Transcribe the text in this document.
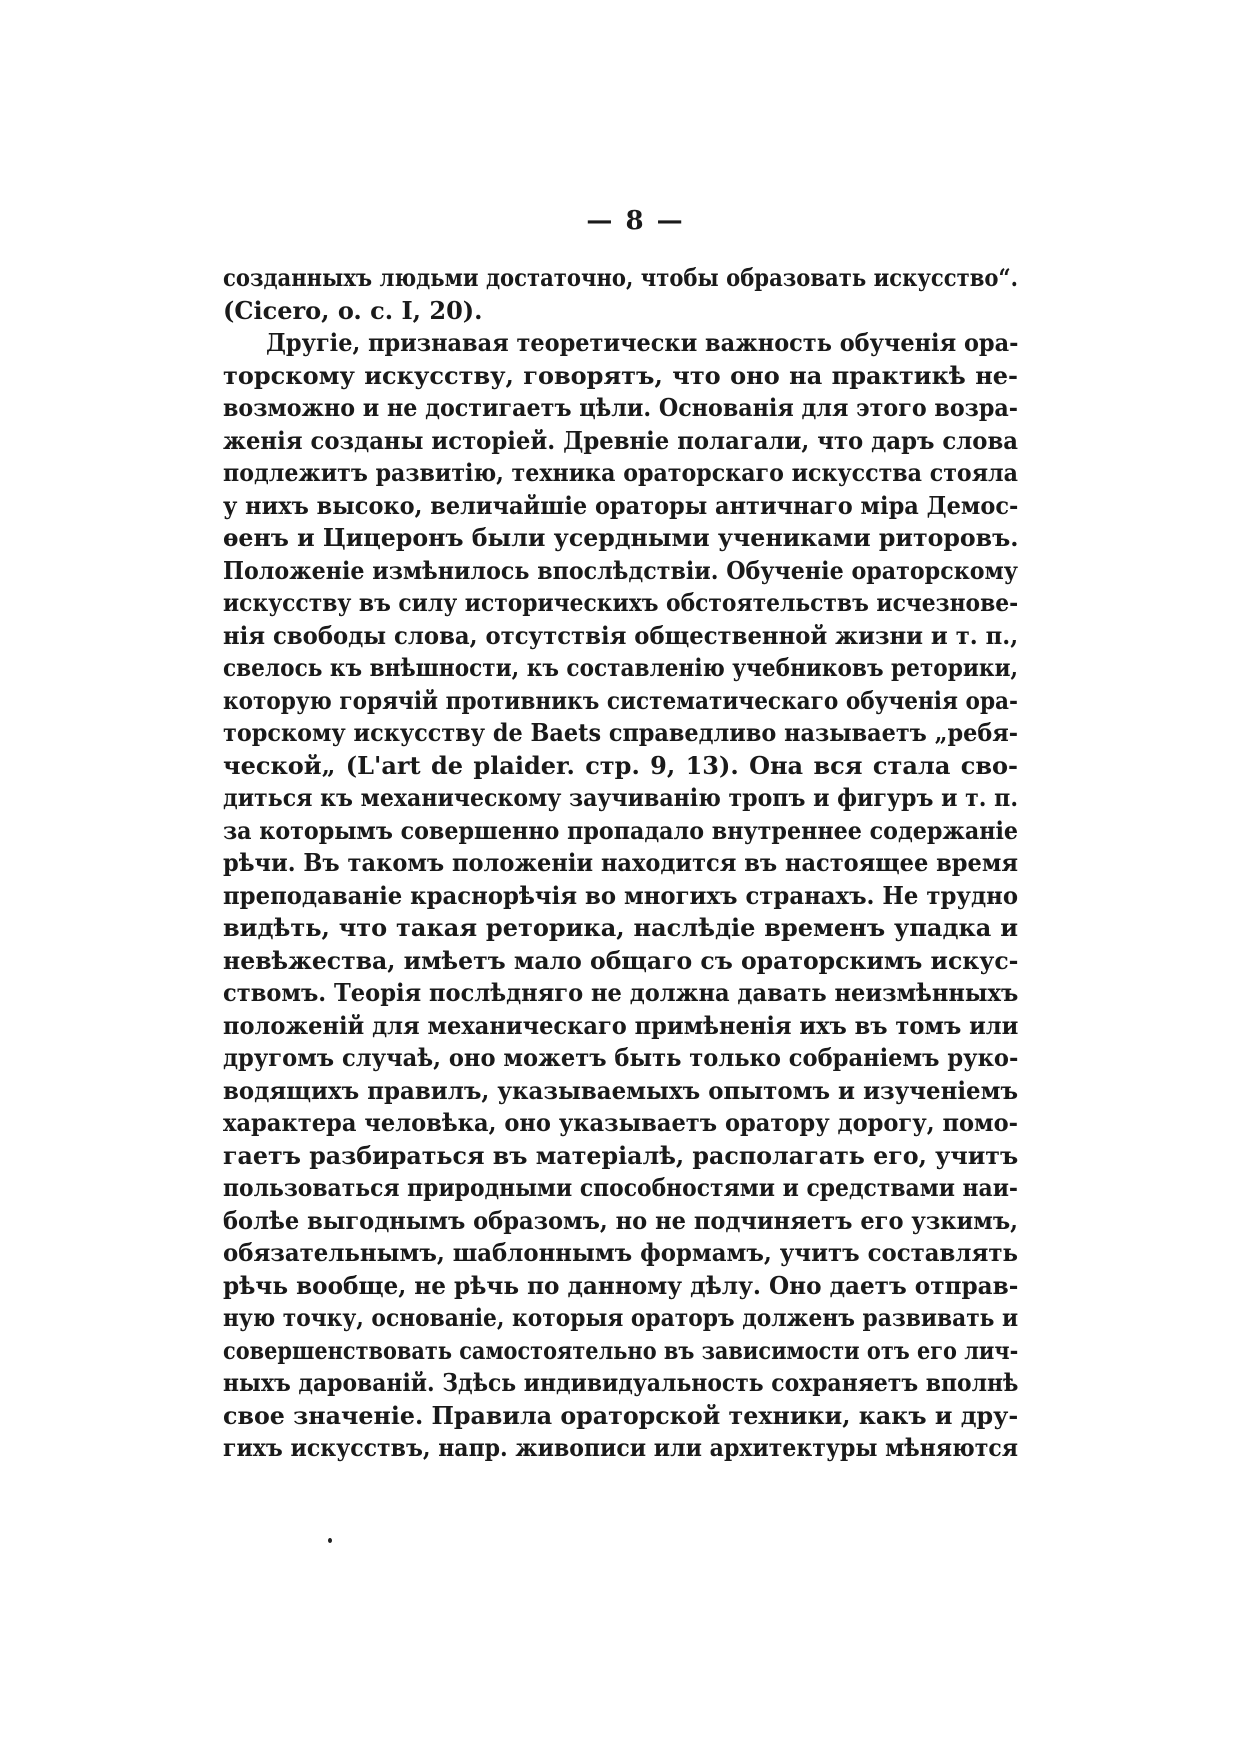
— 8 —
созданныхъ людьми достаточно, чтобы образовать искусство“.
(Cicero, o. c. I, 20).
Другіе, признавая теоретически важность обученія ора-
торскому искусству, говорятъ, что оно на практикѣ не-
возможно и не достигаетъ цѣли. Основанія для этого возра-
женія созданы исторіей. Древніе полагали, что даръ слова
подлежитъ развитію, техника ораторскаго искусства стояла
у нихъ высоко, величайшіе ораторы античнаго міра Демос-
ѳенъ и Цицеронъ были усердными учениками риторовъ.
Положеніе измѣнилось впослѣдствіи. Обученіе ораторскому
искусству въ силу историческихъ обстоятельствъ исчезнове-
нія свободы слова, отсутствія общественной жизни и т. п.,
свелось къ внѣшности, къ составленію учебниковъ реторики,
которую горячій противникъ систематическаго обученія ора-
торскому искусству de Baets справедливо называетъ „ребя-
ческой„ (L'art de plaider. стр. 9, 13). Она вся стала сво-
диться къ механическому заучиванію тропъ и фигуръ и т. п.
за которымъ совершенно пропадало внутреннее содержаніе
рѣчи. Въ такомъ положеніи находится въ настоящее время
преподаваніе краснорѣчія во многихъ странахъ. Не трудно
видѣть, что такая реторика, наслѣдіе временъ упадка и
невѣжества, имѣетъ мало общаго съ ораторскимъ искус-
ствомъ. Теорія послѣдняго не должна давать неизмѣнныхъ
положеній для механическаго примѣненія ихъ въ томъ или
другомъ случаѣ, оно можетъ быть только собраніемъ руко-
водящихъ правилъ, указываемыхъ опытомъ и изученіемъ
характера человѣка, оно указываетъ оратору дорогу, помо-
гаетъ разбираться въ матеріалѣ, располагать его, учитъ
пользоваться природными способностями и средствами наи-
болѣе выгоднымъ образомъ, но не подчиняетъ его узкимъ,
обязательнымъ, шаблоннымъ формамъ, учитъ составлять
рѣчь вообще, не рѣчь по данному дѣлу. Оно даетъ отправ-
ную точку, основаніе, которыя ораторъ долженъ развивать и
совершенствовать самостоятельно въ зависимости отъ его лич-
ныхъ дарованій. Здѣсь индивидуальность сохраняетъ вполнѣ
свое значеніе. Правила ораторской техники, какъ и дру-
гихъ искусствъ, напр. живописи или архитектуры мѣняются
